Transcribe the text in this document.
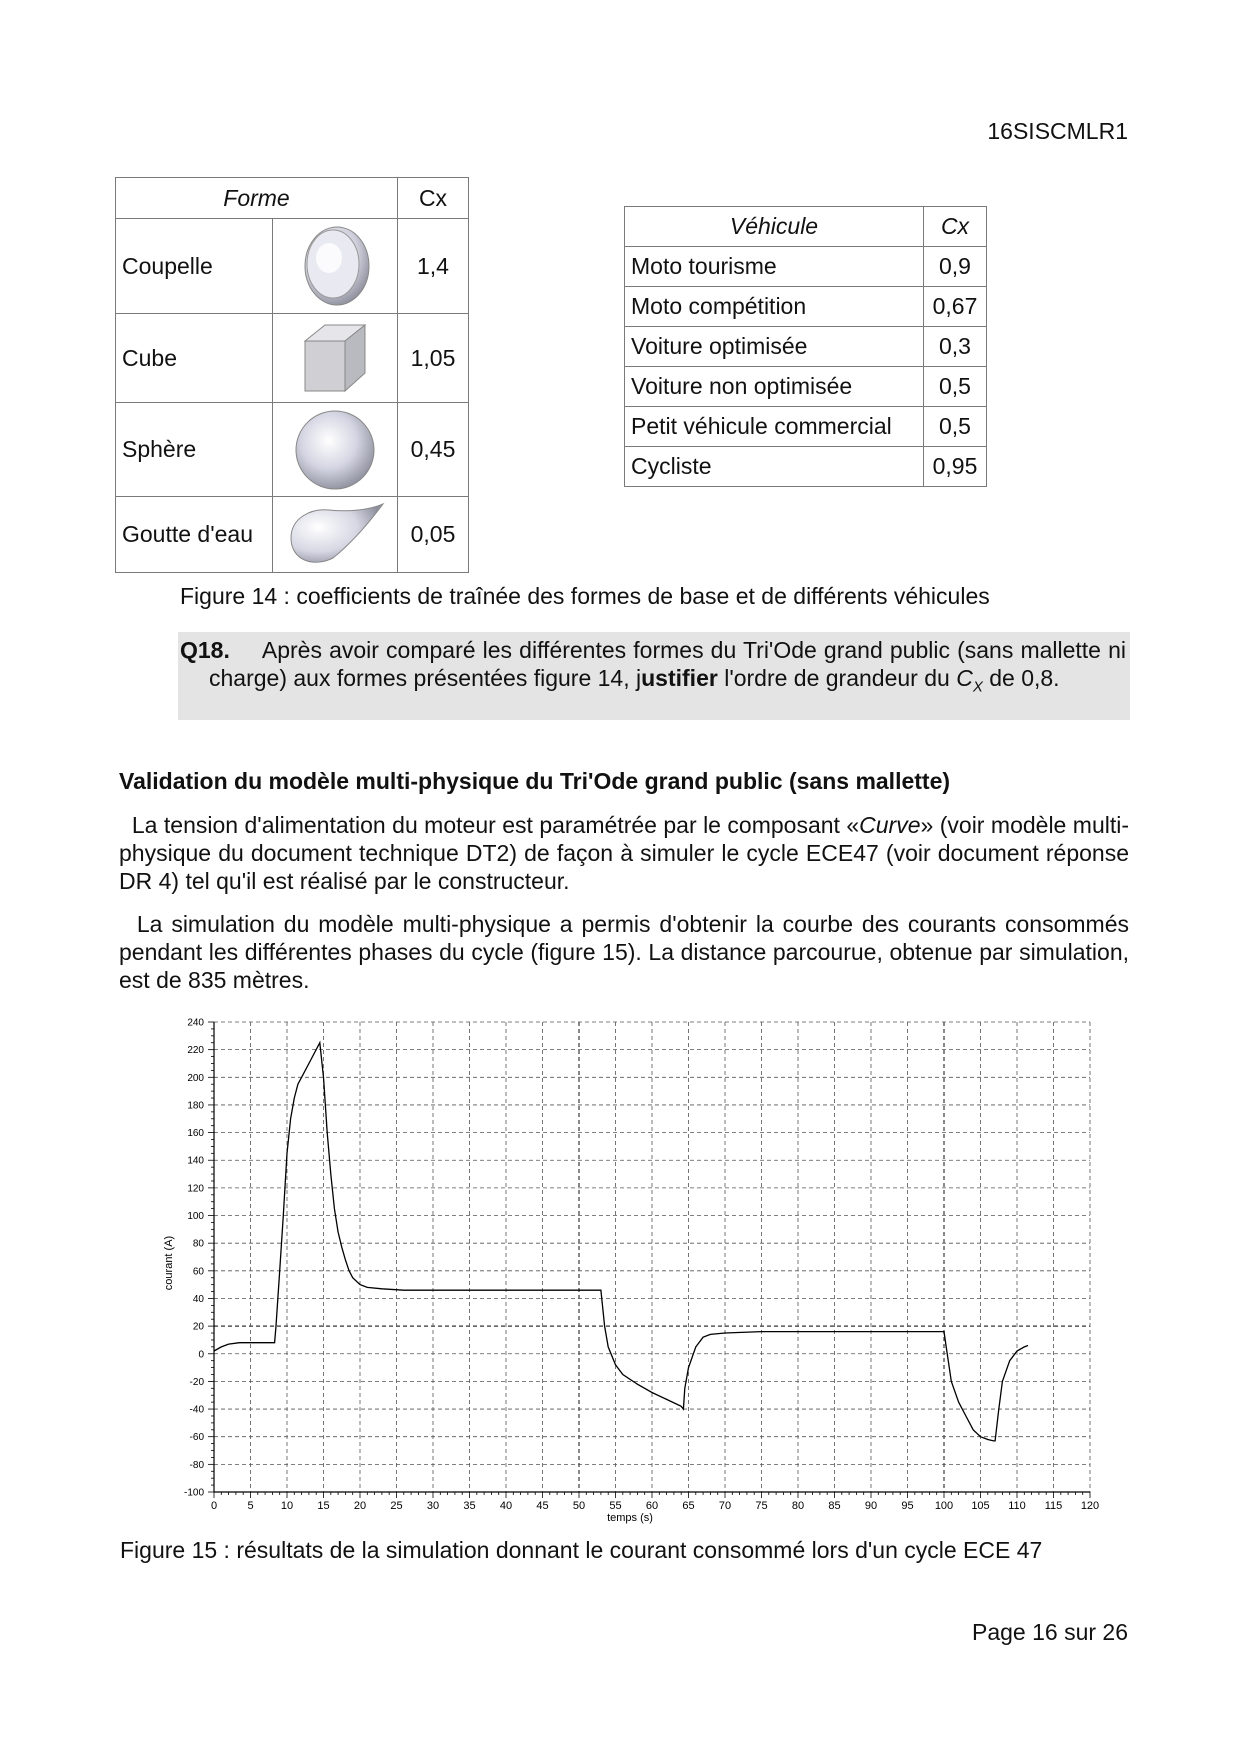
16SISCMLR1
Forme		Cx
Coupelle		1,4
Cube		1,05
Sphère		0,45
Goutte d'eau		0,05
Véhicule	Cx
Moto tourisme	0,9
Moto compétition	0,67
Voiture optimisée	0,3
Voiture non optimisée	0,5
Petit véhicule commercial	0,5
Cycliste	0,95
Figure 14 : coefficients de traînée des formes de base et de différents véhicules
Q18. Après avoir comparé les différentes formes du Tri'Ode grand public (sans mallette ni charge) aux formes présentées figure 14, justifier l'ordre de grandeur du $C_X$ de 0,8.
Validation du modèle multi-physique du Tri'Ode grand public (sans mallette)
La tension d'alimentation du moteur est paramétrée par le composant «Curve» (voir modèle multi-physique du document technique DT2) de façon à simuler le cycle ECE47 (voir document réponse DR 4) tel qu'il est réalisé par le constructeur.
La simulation du modèle multi-physique a permis d'obtenir la courbe des courants consommés pendant les différentes phases du cycle (figure 15). La distance parcourue, obtenue par simulation, est de 835 mètres.
-100
-80
-60
-40
-20
0
20
40
60
80
100
120
140
160
180
200
220
240
0	5 10 15 20 25 30 35 40 45 50 55 60 65 70 75 80 85 90 95 100 105 110 115 120
temps (s)
courant (A)
Figure 15 : résultats de la simulation donnant le courant consommé lors d'un cycle ECE 47
Page 16 sur 26
